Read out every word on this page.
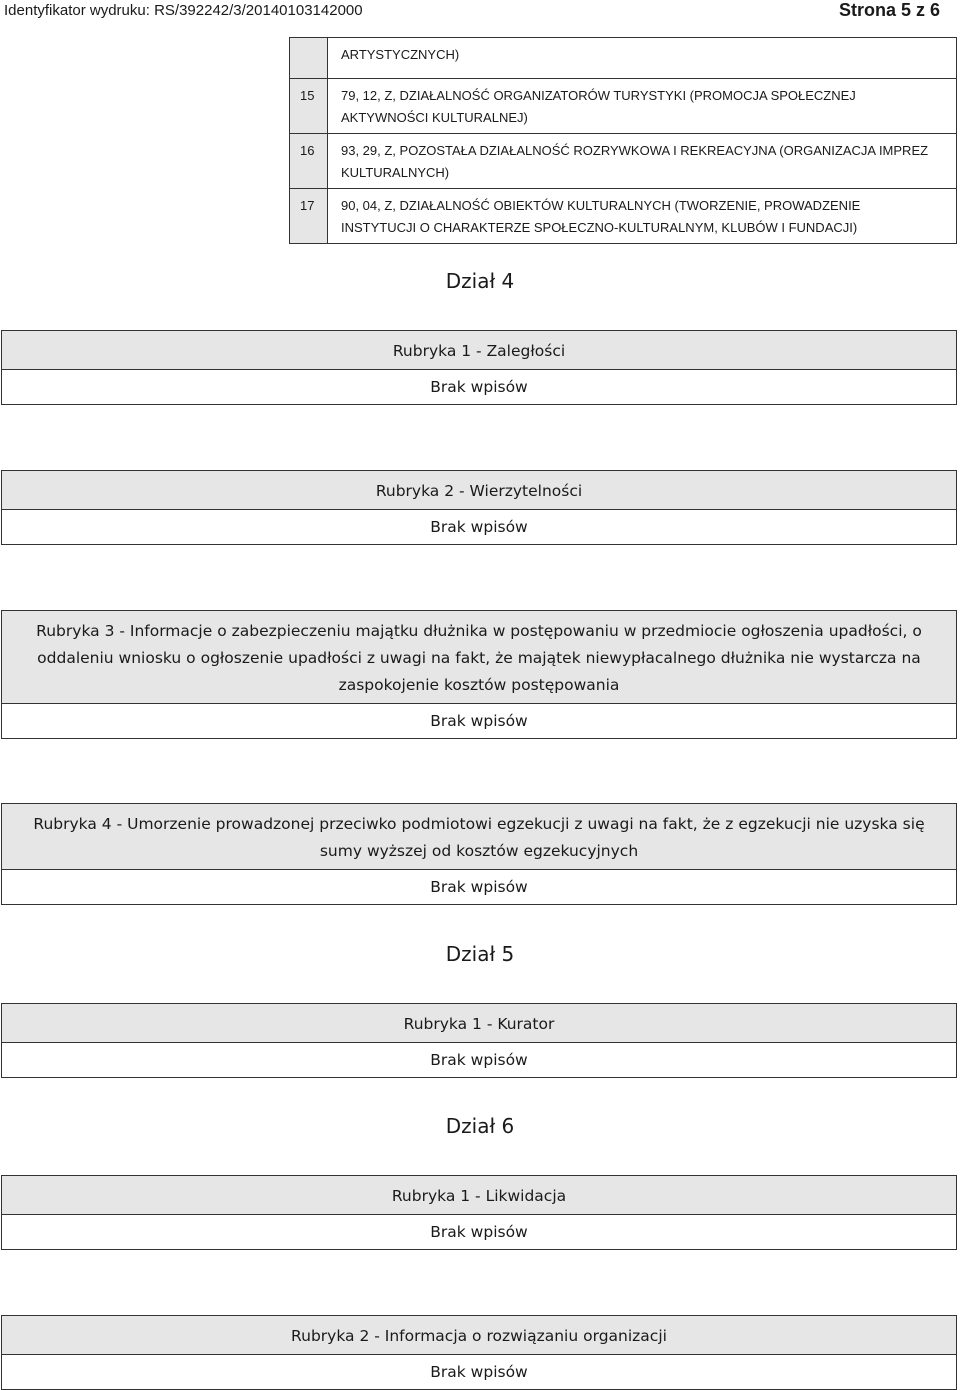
Identyfikator wydruku: RS/392242/3/20140103142000	Strona 5 z 6
	ARTYSTYCZNYCH)
15	79, 12, Z, DZIAŁALNOŚĆ ORGANIZATORÓW TURYSTYKI (PROMOCJA SPOŁECZNEJ
AKTYWNOŚCI KULTURALNEJ)
16	93, 29, Z, POZOSTAŁA DZIAŁALNOŚĆ ROZRYWKOWA I REKREACYJNA (ORGANIZACJA IMPREZ
KULTURALNYCH)
17	90, 04, Z, DZIAŁALNOŚĆ OBIEKTÓW KULTURALNYCH (TWORZENIE, PROWADZENIE
INSTYTUCJI O CHARAKTERZE SPOŁECZNO-KULTURALNYM, KLUBÓW I FUNDACJI)
Dział 4
Rubryka 1 - Zaległości
Brak wpisów
Rubryka 2 - Wierzytelności
Brak wpisów
Rubryka 3 - Informacje o zabezpieczeniu majątku dłużnika w postępowaniu w przedmiocie ogłoszenia upadłości, o
oddaleniu wniosku o ogłoszenie upadłości z uwagi na fakt, że majątek niewypłacalnego dłużnika nie wystarcza na
zaspokojenie kosztów postępowania
Brak wpisów
Rubryka 4 - Umorzenie prowadzonej przeciwko podmiotowi egzekucji z uwagi na fakt, że z egzekucji nie uzyska się
sumy wyższej od kosztów egzekucyjnych
Brak wpisów
Dział 5
Rubryka 1 - Kurator
Brak wpisów
Dział 6
Rubryka 1 - Likwidacja
Brak wpisów
Rubryka 2 - Informacja o rozwiązaniu organizacji
Brak wpisów
